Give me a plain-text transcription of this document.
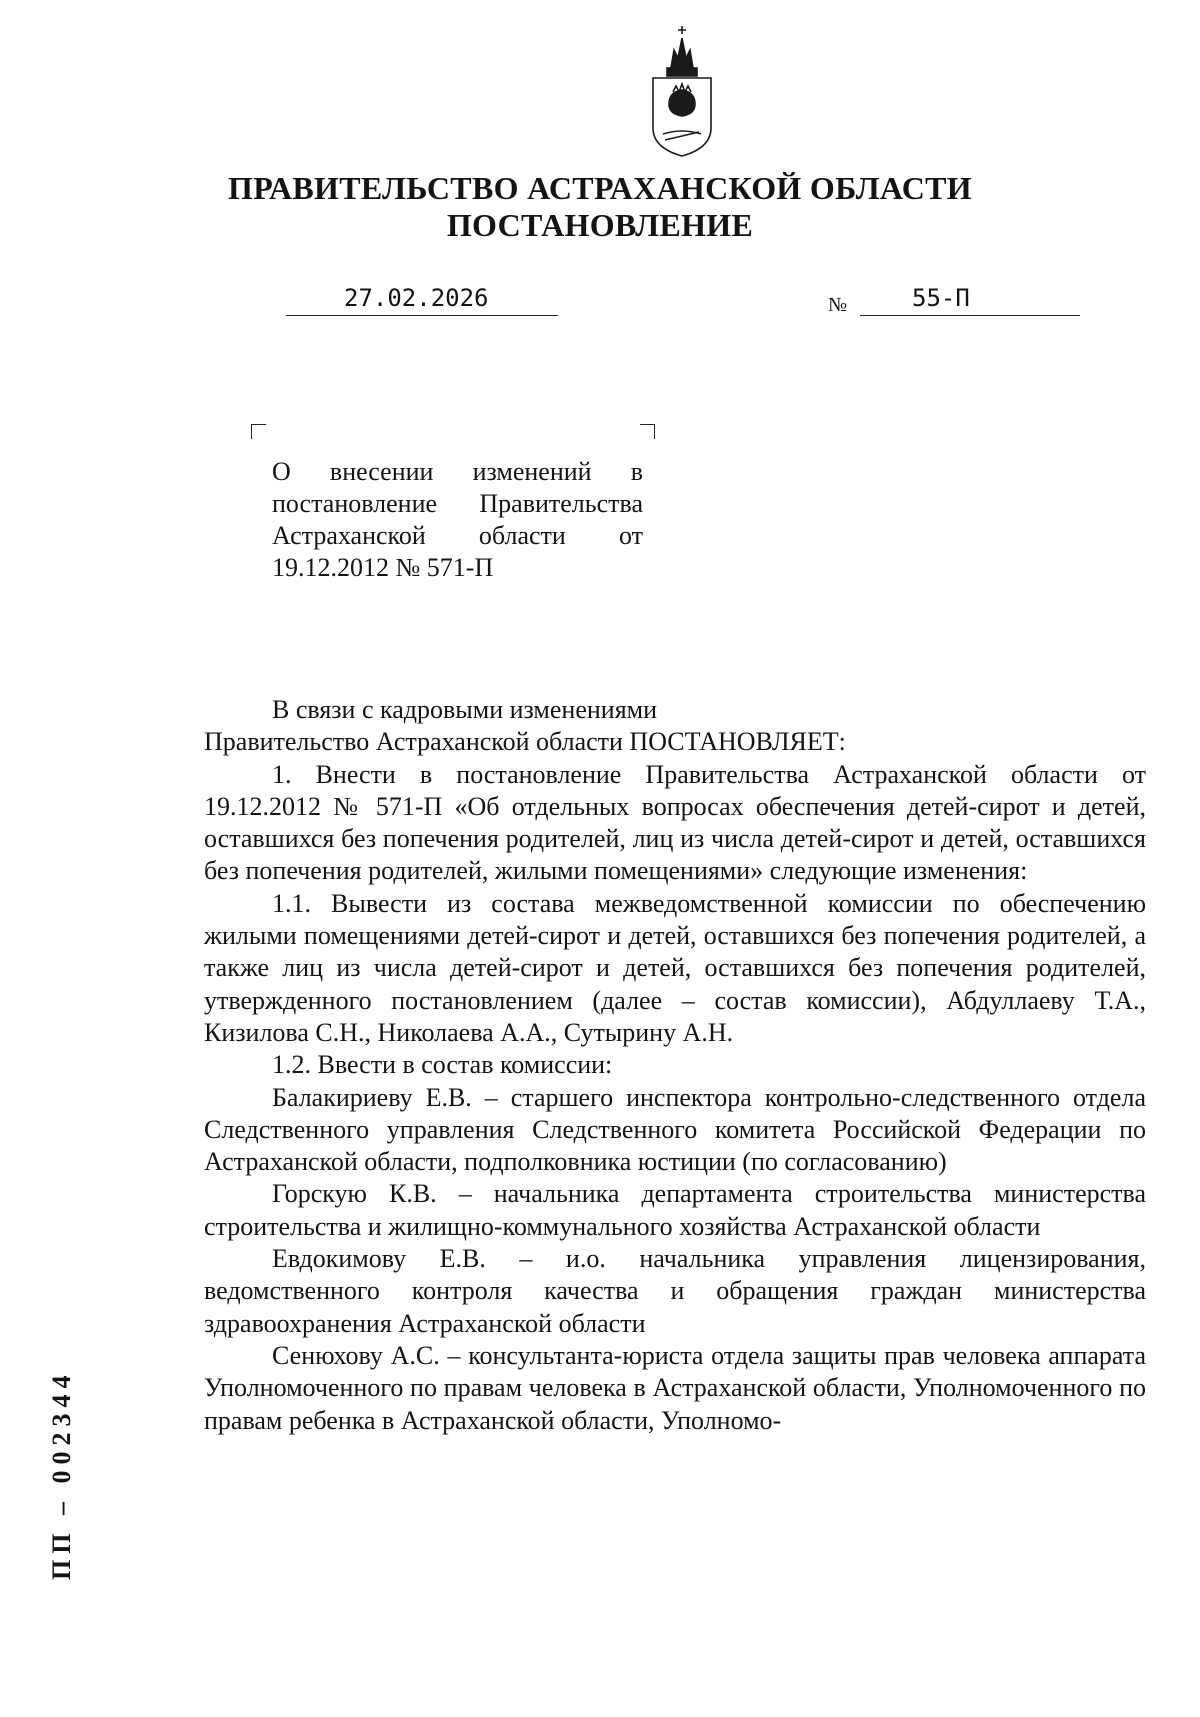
ПРАВИТЕЛЬСТВО АСТРАХАНСКОЙ ОБЛАСТИ
ПОСТАНОВЛЕНИЕ
27.02.2026	№	55-П
О внесении изменений в постановление Правительства Астраханской области от 19.12.2012 № 571-П

В связи с кадровыми изменениями

Правительство Астраханской области ПОСТАНОВЛЯЕТ:

1. Внести в постановление Правительства Астраханской области от 19.12.2012 № 571-П «Об отдельных вопросах обеспечения детей-сирот и детей, оставшихся без попечения родителей, лиц из числа детей-сирот и детей, оставшихся без попечения родителей, жилыми помещениями» следующие изменения:

1.1. Вывести из состава межведомственной комиссии по обеспечению жилыми помещениями детей-сирот и детей, оставшихся без попечения родителей, а также лиц из числа детей-сирот и детей, оставшихся без попечения родителей, утвержденного постановлением (далее – состав комиссии), Абдуллаеву Т.А., Кизилова С.Н., Николаева А.А., Сутырину А.Н.

1.2. Ввести в состав комиссии:

Балакириеву Е.В. – старшего инспектора контрольно-следственного отдела Следственного управления Следственного комитета Российской Федерации по Астраханской области, подполковника юстиции (по согласованию)

Горскую К.В. – начальника департамента строительства министерства строительства и жилищно-коммунального хозяйства Астраханской области

Евдокимову Е.В. – и.о. начальника управления лицензирования, ведомственного контроля качества и обращения граждан министерства здравоохранения Астраханской области

Сенюхову А.С. – консультанта-юриста отдела защиты прав человека аппарата Уполномоченного по правам человека в Астраханской области, Уполномоченного по правам ребенка в Астраханской области, Уполномо-

ПП – 002344
